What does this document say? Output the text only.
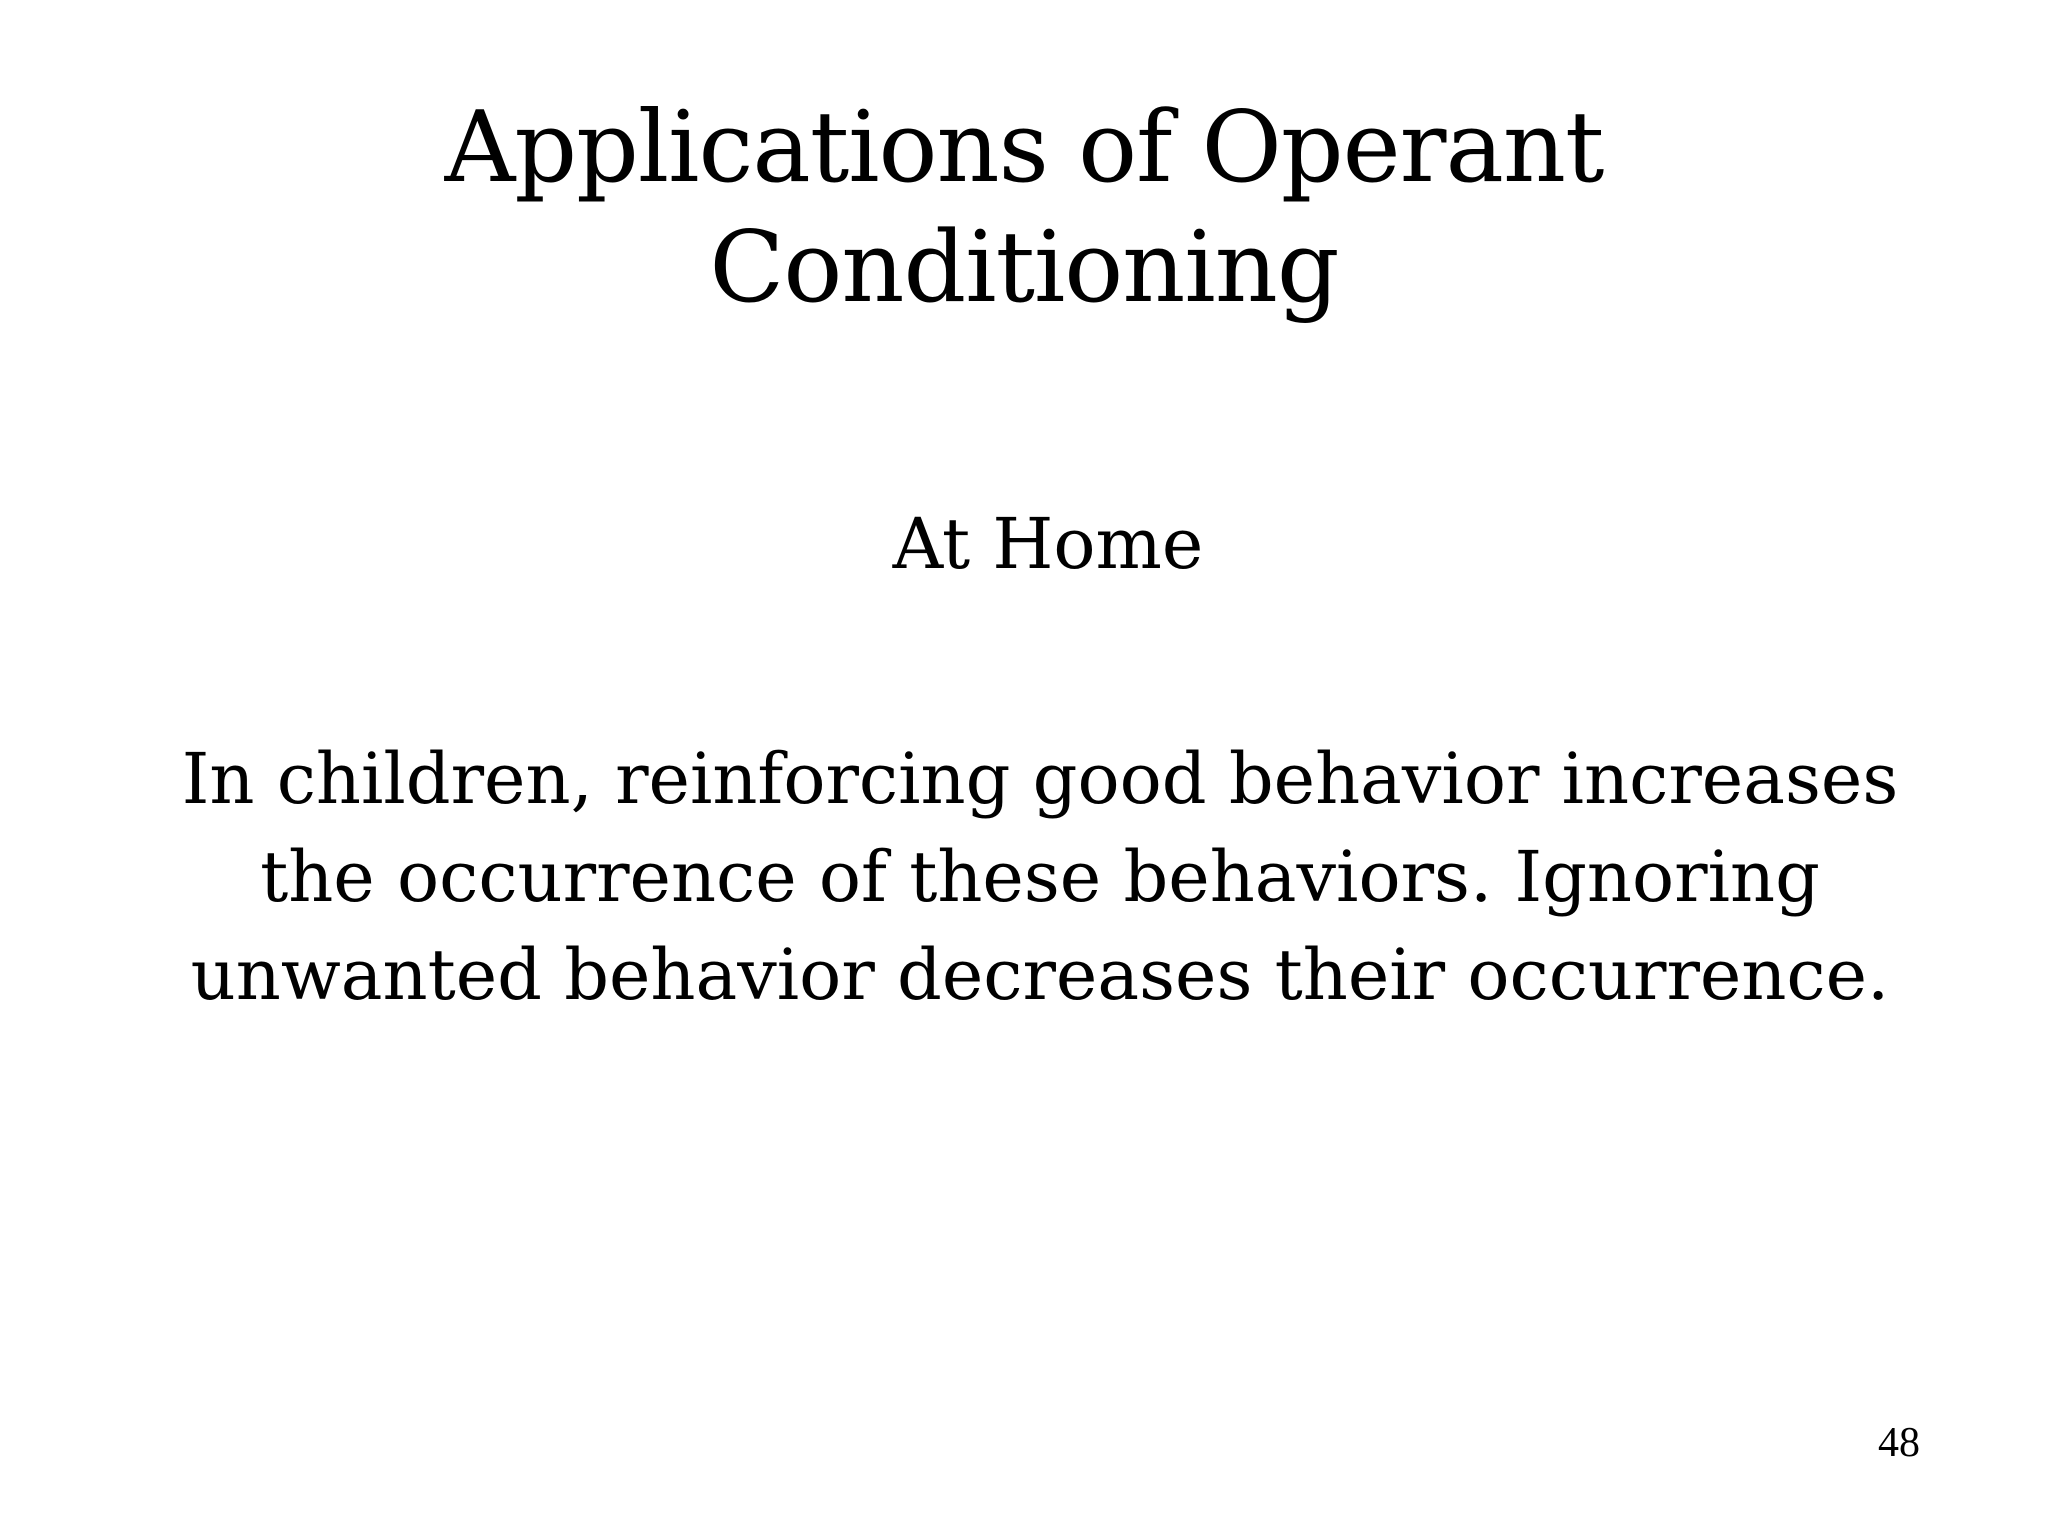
Applications of Operant
Conditioning
At Home

In children, reinforcing good behavior increases
the occurrence of these behaviors. Ignoring
unwanted behavior decreases their occurrence.

48
